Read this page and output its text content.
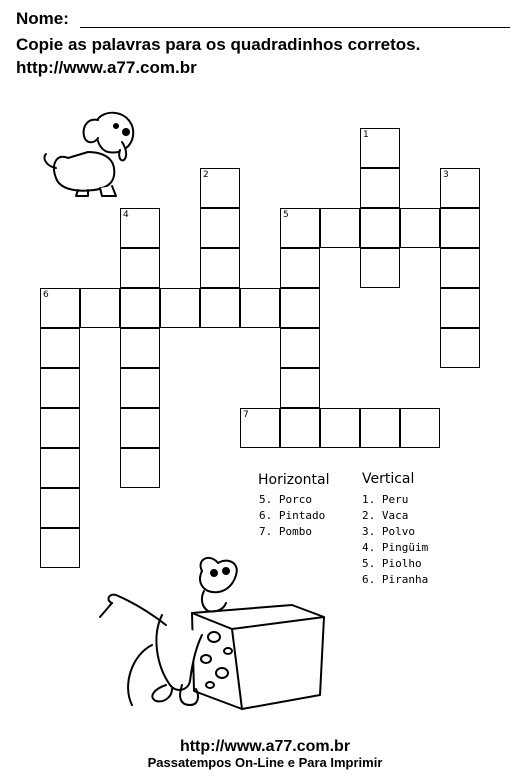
Nome:
Copie as palavras para os quadradinhos corretos.
http://www.a77.com.br
1
2	3
4	5
6
7
Horizontal
5. Porco
6. Pintado
7. Pombo
Vertical
1. Peru
2. Vaca
3. Polvo
4. Pingüim
5. Piolho
6. Piranha
http://www.a77.com.br
Passatempos On-Line e Para Imprimir
